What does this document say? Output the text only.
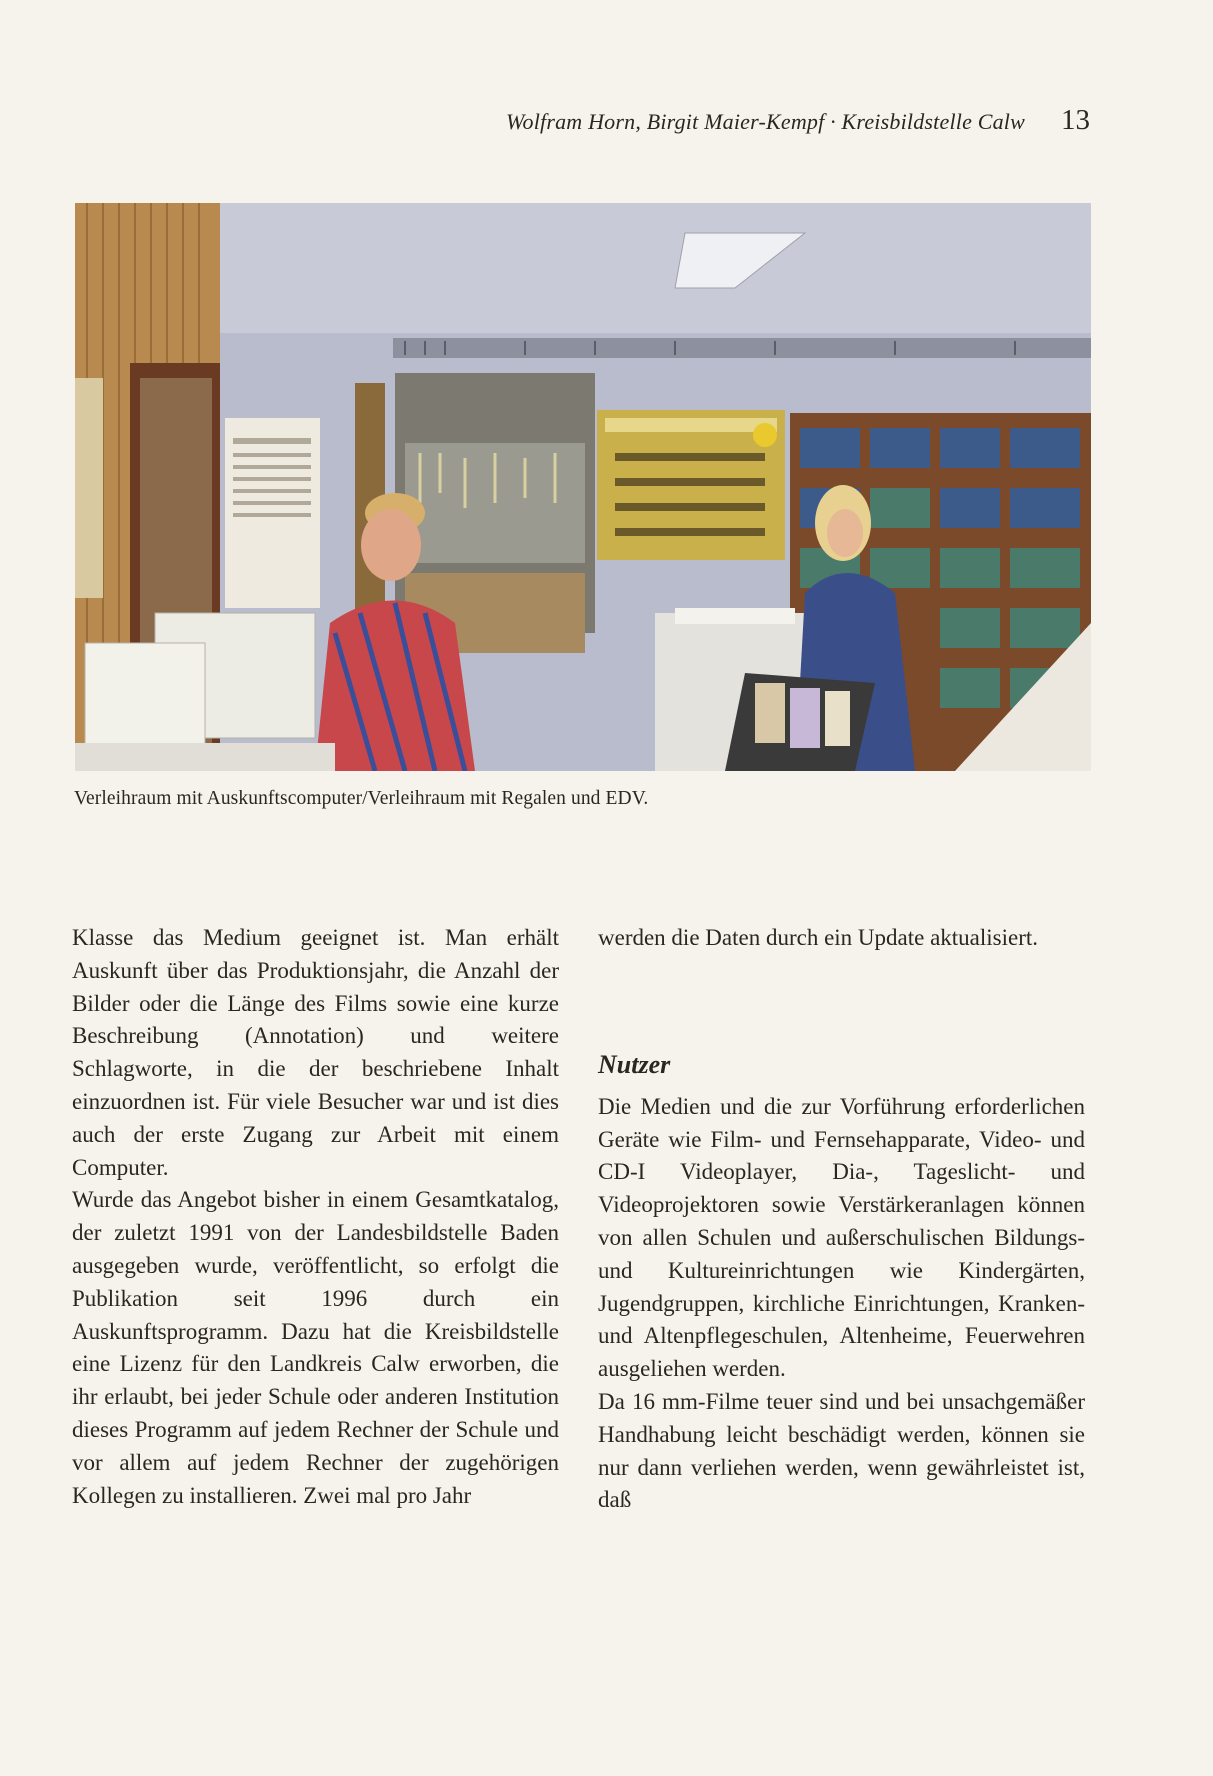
Wolfram Horn, Birgit Maier-Kempf · Kreisbildstelle Calw 13
Verleihraum mit Auskunftscomputer/Verleihraum mit Regalen und EDV.

Klasse das Medium geeignet ist. Man erhält Auskunft über das Produktionsjahr, die Anzahl der Bilder oder die Länge des Films sowie eine kurze Beschreibung (Annotation) und weitere Schlagworte, in die der beschriebene Inhalt einzuordnen ist. Für viele Besucher war und ist dies auch der erste Zugang zur Arbeit mit einem Computer.

Wurde das Angebot bisher in einem Gesamtkatalog, der zuletzt 1991 von der Landesbildstelle Baden ausgegeben wurde, veröffentlicht, so erfolgt die Publikation seit 1996 durch ein Auskunftsprogramm. Dazu hat die Kreisbildstelle eine Lizenz für den Landkreis Calw erworben, die ihr erlaubt, bei jeder Schule oder anderen Institution dieses Programm auf jedem Rechner der Schule und vor allem auf jedem Rechner der zugehörigen Kollegen zu installieren. Zwei mal pro Jahr

werden die Daten durch ein Update aktualisiert.

Nutzer

Die Medien und die zur Vorführung erforderlichen Geräte wie Film- und Fernsehapparate, Video- und CD-I Videoplayer, Dia-, Tageslicht- und Videoprojektoren sowie Verstärkeranlagen können von allen Schulen und außerschulischen Bildungs- und Kultureinrichtungen wie Kindergärten, Jugendgruppen, kirchliche Einrichtungen, Kranken- und Altenpflegeschulen, Altenheime, Feuerwehren ausgeliehen werden.

Da 16 mm-Filme teuer sind und bei unsachgemäßer Handhabung leicht beschädigt werden, können sie nur dann verliehen werden, wenn gewährleistet ist, daß
